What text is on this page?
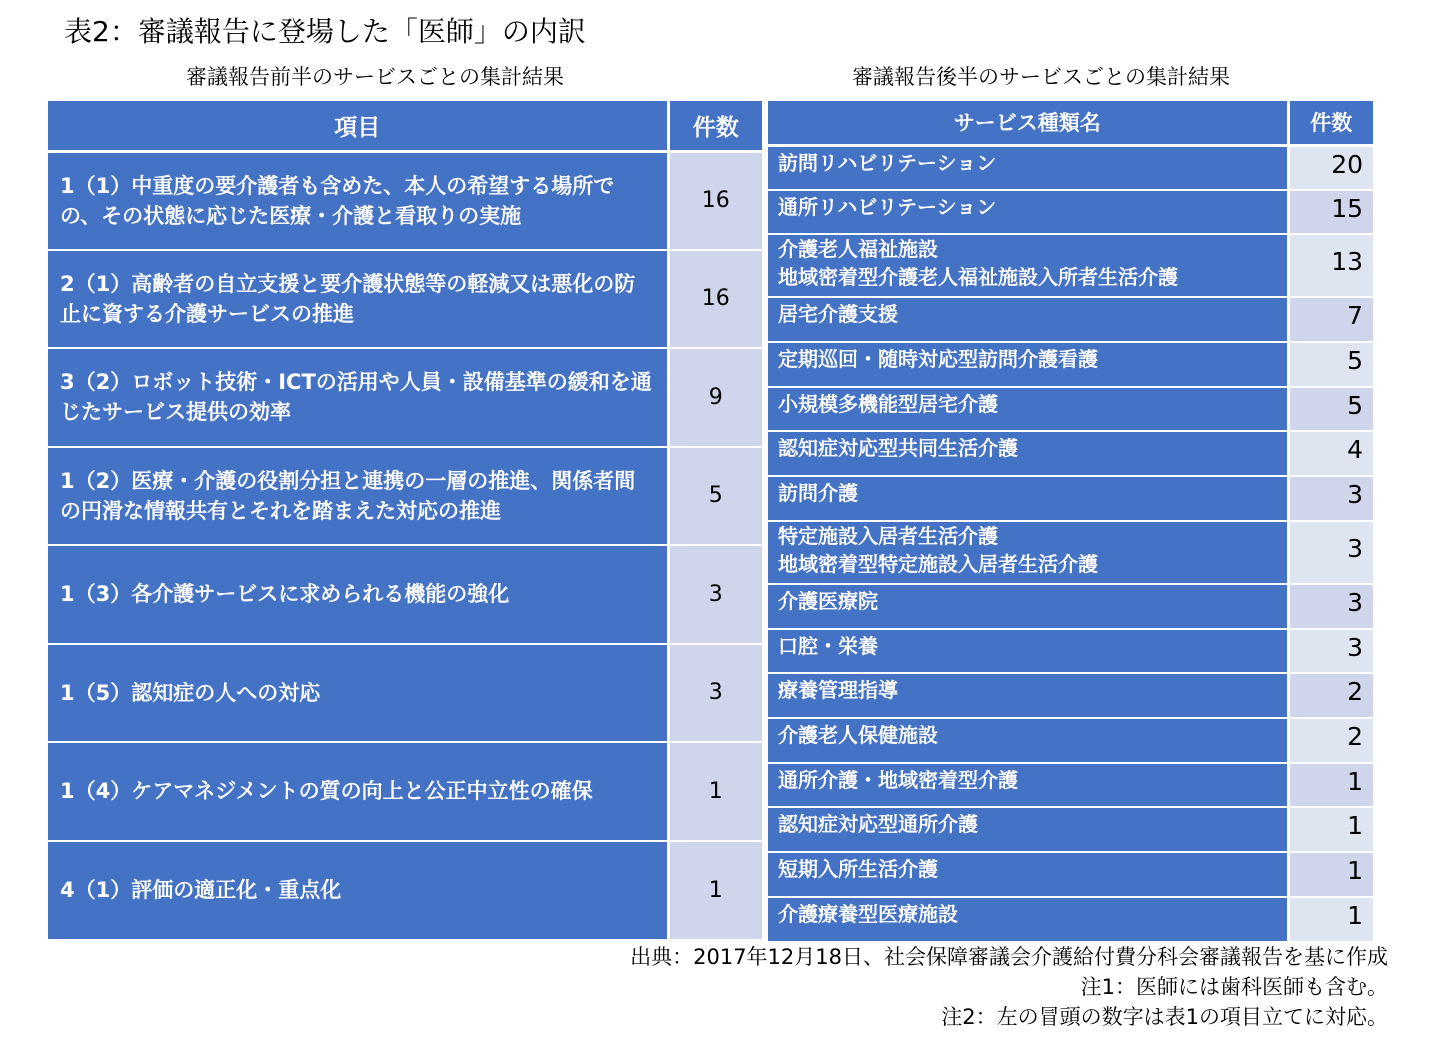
表2：審議報告に登場した「医師」の内訳
審議報告前半のサービスごとの集計結果	審議報告後半のサービスごとの集計結果
項目	件数
1（1）中重度の要介護者も含めた、本人の希望する場所での、その状態に応じた医療・介護と看取りの実施	16
2（1）高齢者の自立支援と要介護状態等の軽減又は悪化の防止に資する介護サービスの推進	16
3（2）ロボット技術・ICTの活用や人員・設備基準の緩和を通じたサービス提供の効率	9
1（2）医療・介護の役割分担と連携の一層の推進、関係者間の円滑な情報共有とそれを踏まえた対応の推進	5
1（3）各介護サービスに求められる機能の強化	3
1（5）認知症の人への対応	3
1（4）ケアマネジメントの質の向上と公正中立性の確保	1
4（1）評価の適正化・重点化	1
サービス種類名	件数

訪問リハビリテーション	20

通所リハビリテーション	15

介護老人福祉施設
地域密着型介護老人福祉施設入所者生活介護	13

居宅介護支援	7

定期巡回・随時対応型訪問介護看護	5

小規模多機能型居宅介護	5

認知症対応型共同生活介護	4

訪問介護	3

特定施設入居者生活介護
地域密着型特定施設入居者生活介護	3

介護医療院	3

口腔・栄養	3

療養管理指導	2

介護老人保健施設	2

通所介護・地域密着型介護	1

認知症対応型通所介護	1

短期入所生活介護	1

介護療養型医療施設	1
出典：2017年12月18日、社会保障審議会介護給付費分科会審議報告を基に作成
注1：医師には歯科医師も含む。
注2：左の冒頭の数字は表1の項目立てに対応。
